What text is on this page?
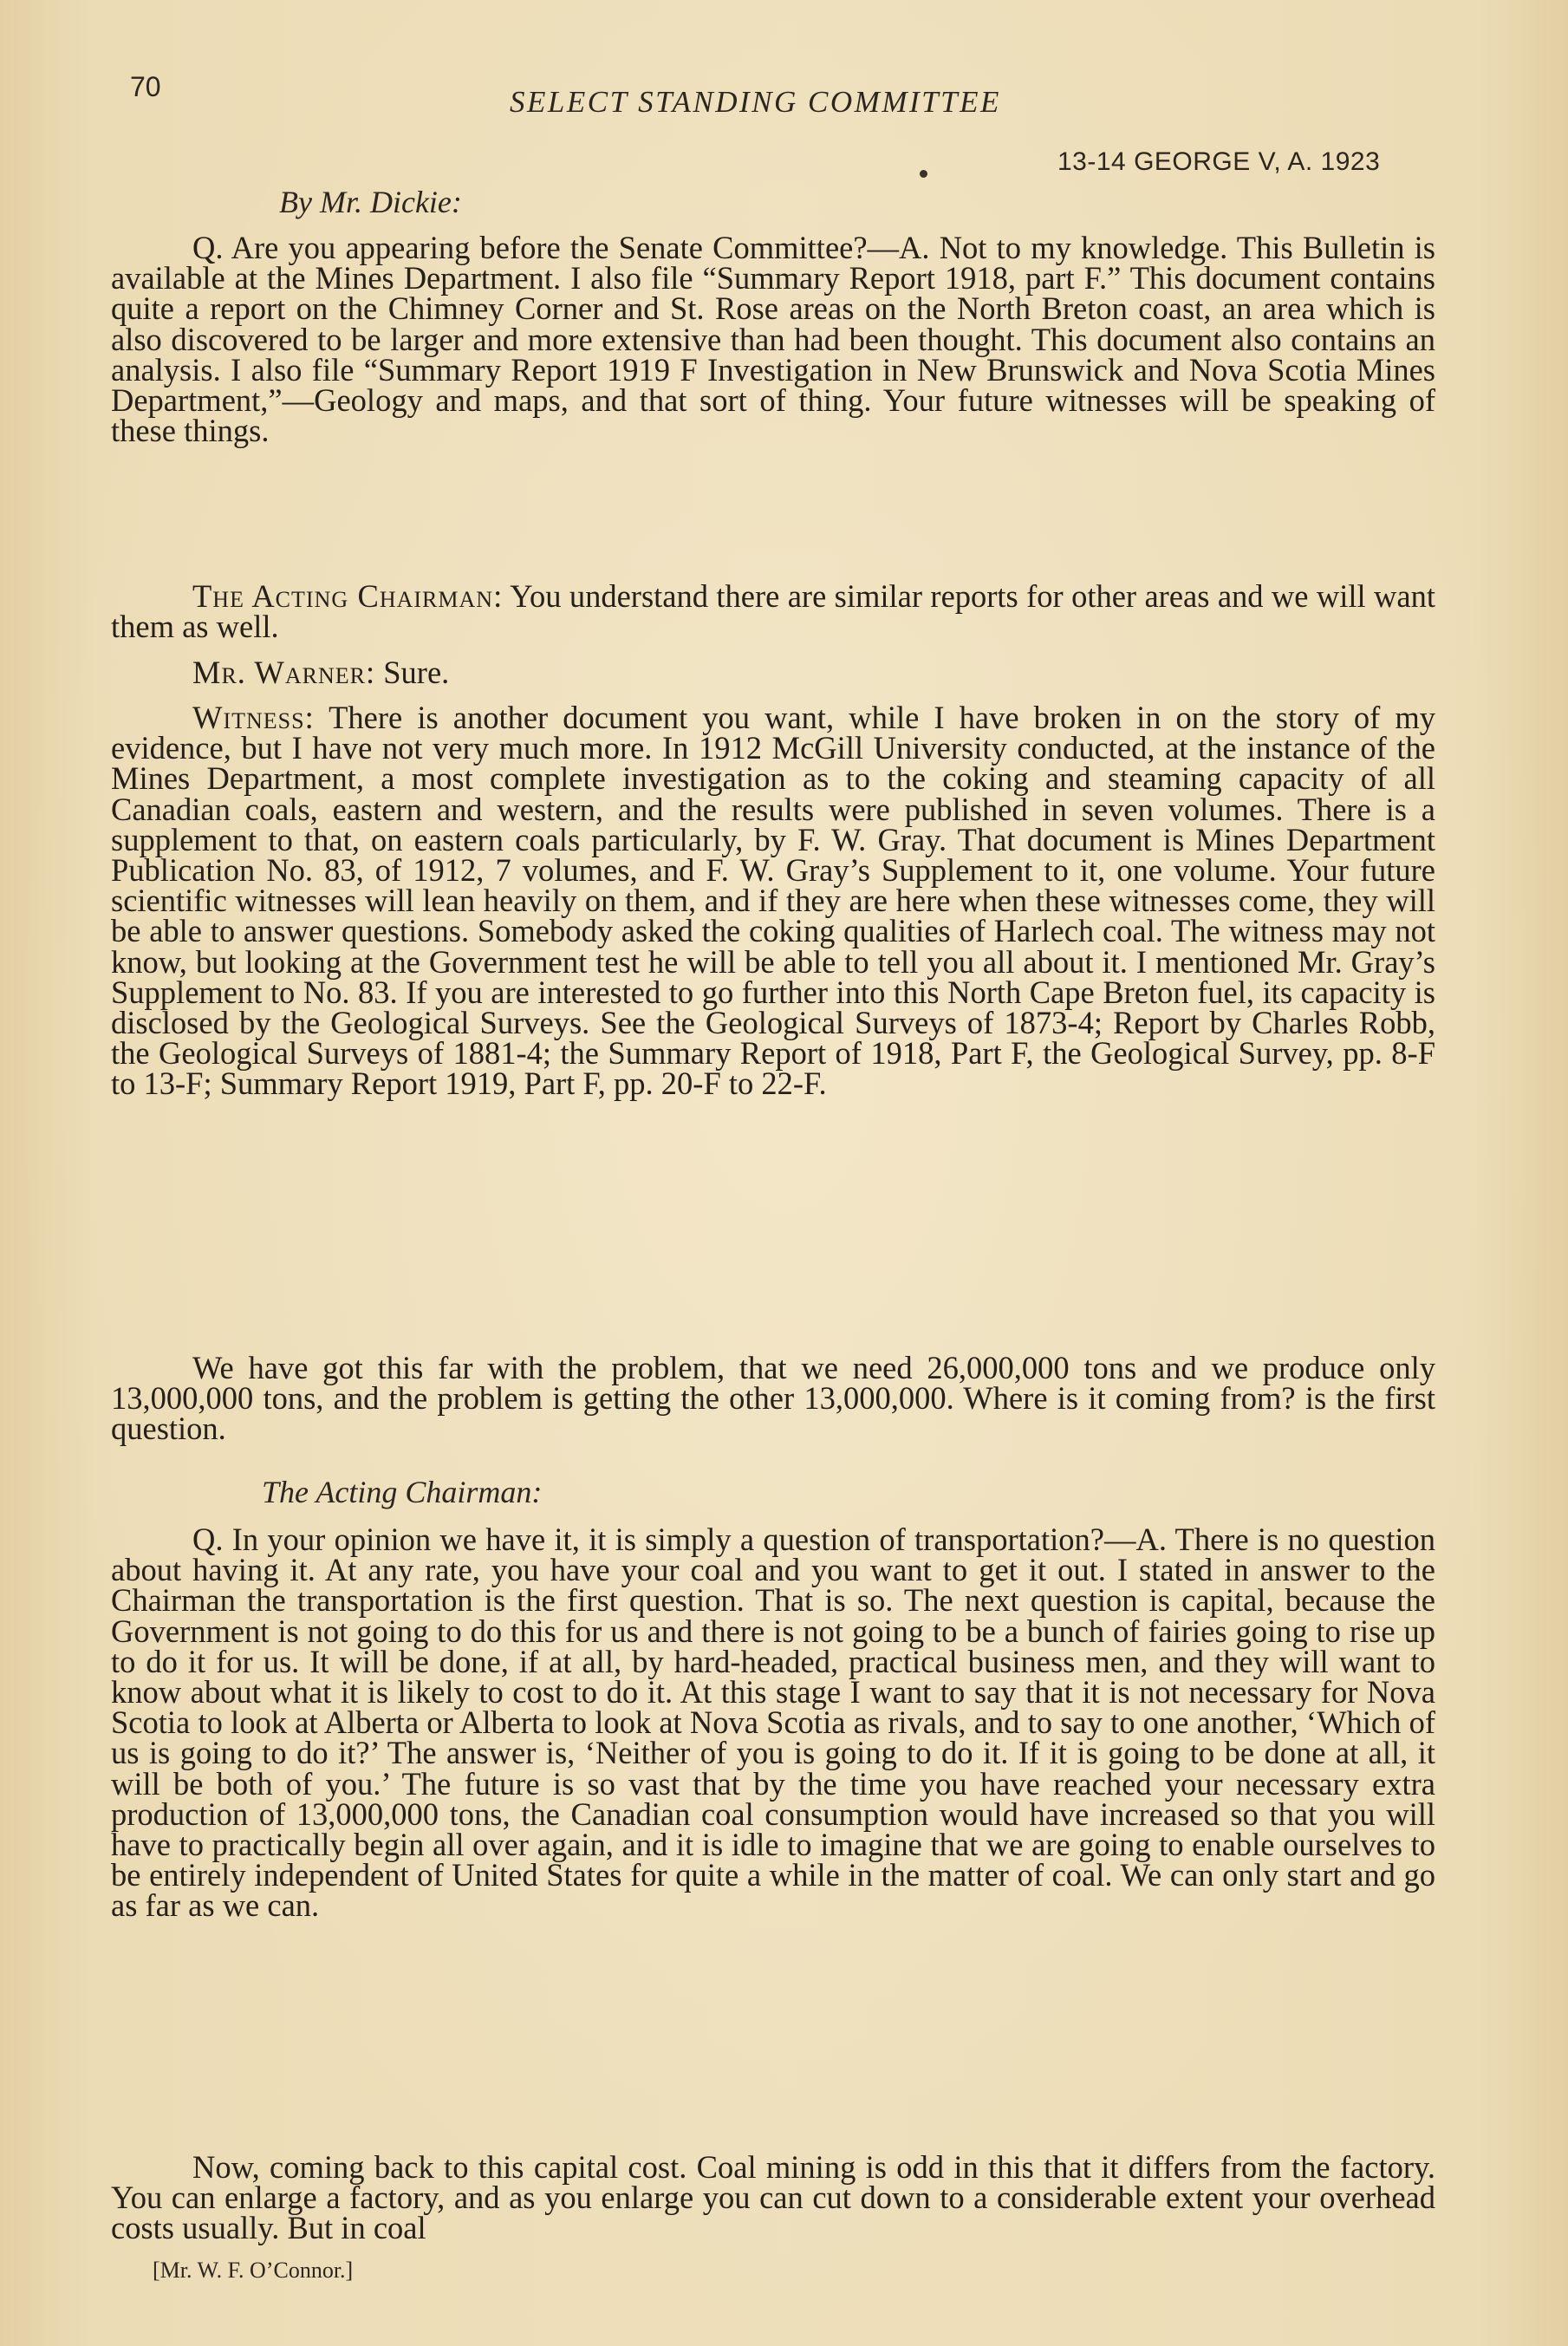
70	SELECT STANDING COMMITTEE
13-14 GEORGE V, A. 1923
By Mr. Dickie:

Q. Are you appearing before the Senate Committee?—A. Not to my knowledge. This Bulletin is available at the Mines Department. I also file “Summary Report 1918, part F.” This document contains quite a report on the Chimney Corner and St. Rose areas on the North Breton coast, an area which is also discovered to be larger and more extensive than had been thought. This document also contains an analysis. I also file “Summary Report 1919 F Investigation in New Brunswick and Nova Scotia Mines Department,”—Geology and maps, and that sort of thing. Your future witnesses will be speaking of these things.

The Acting Chairman: You understand there are similar reports for other areas and we will want them as well.

Mr. Warner: Sure.

Witness: There is another document you want, while I have broken in on the story of my evidence, but I have not very much more. In 1912 McGill University conducted, at the instance of the Mines Department, a most complete investigation as to the coking and steaming capacity of all Canadian coals, eastern and western, and the results were published in seven volumes. There is a supplement to that, on eastern coals particularly, by F. W. Gray. That document is Mines Department Publication No. 83, of 1912, 7 volumes, and F. W. Gray’s Supplement to it, one volume. Your future scientific witnesses will lean heavily on them, and if they are here when these witnesses come, they will be able to answer questions. Somebody asked the coking qualities of Harlech coal. The witness may not know, but looking at the Government test he will be able to tell you all about it. I mentioned Mr. Gray’s Supplement to No. 83. If you are interested to go further into this North Cape Breton fuel, its capacity is disclosed by the Geological Surveys. See the Geological Surveys of 1873-4; Report by Charles Robb, the Geological Surveys of 1881-4; the Summary Report of 1918, Part F, the Geological Survey, pp. 8-F to 13-F; Summary Report 1919, Part F, pp. 20-F to 22-F.

We have got this far with the problem, that we need 26,000,000 tons and we produce only 13,000,000 tons, and the problem is getting the other 13,000,000. Where is it coming from? is the first question.

The Acting Chairman:

Q. In your opinion we have it, it is simply a question of transportation?—A. There is no question about having it. At any rate, you have your coal and you want to get it out. I stated in answer to the Chairman the transportation is the first question. That is so. The next question is capital, because the Government is not going to do this for us and there is not going to be a bunch of fairies going to rise up to do it for us. It will be done, if at all, by hard-headed, practical business men, and they will want to know about what it is likely to cost to do it. At this stage I want to say that it is not necessary for Nova Scotia to look at Alberta or Alberta to look at Nova Scotia as rivals, and to say to one another, ‘Which of us is going to do it?’ The answer is, ‘Neither of you is going to do it. If it is going to be done at all, it will be both of you.’ The future is so vast that by the time you have reached your necessary extra production of 13,000,000 tons, the Canadian coal consumption would have increased so that you will have to practically begin all over again, and it is idle to imagine that we are going to enable ourselves to be entirely independent of United States for quite a while in the matter of coal. We can only start and go as far as we can.

Now, coming back to this capital cost. Coal mining is odd in this that it differs from the factory. You can enlarge a factory, and as you enlarge you can cut down to a considerable extent your overhead costs usually. But in coal

[Mr. W. F. O’Connor.]
